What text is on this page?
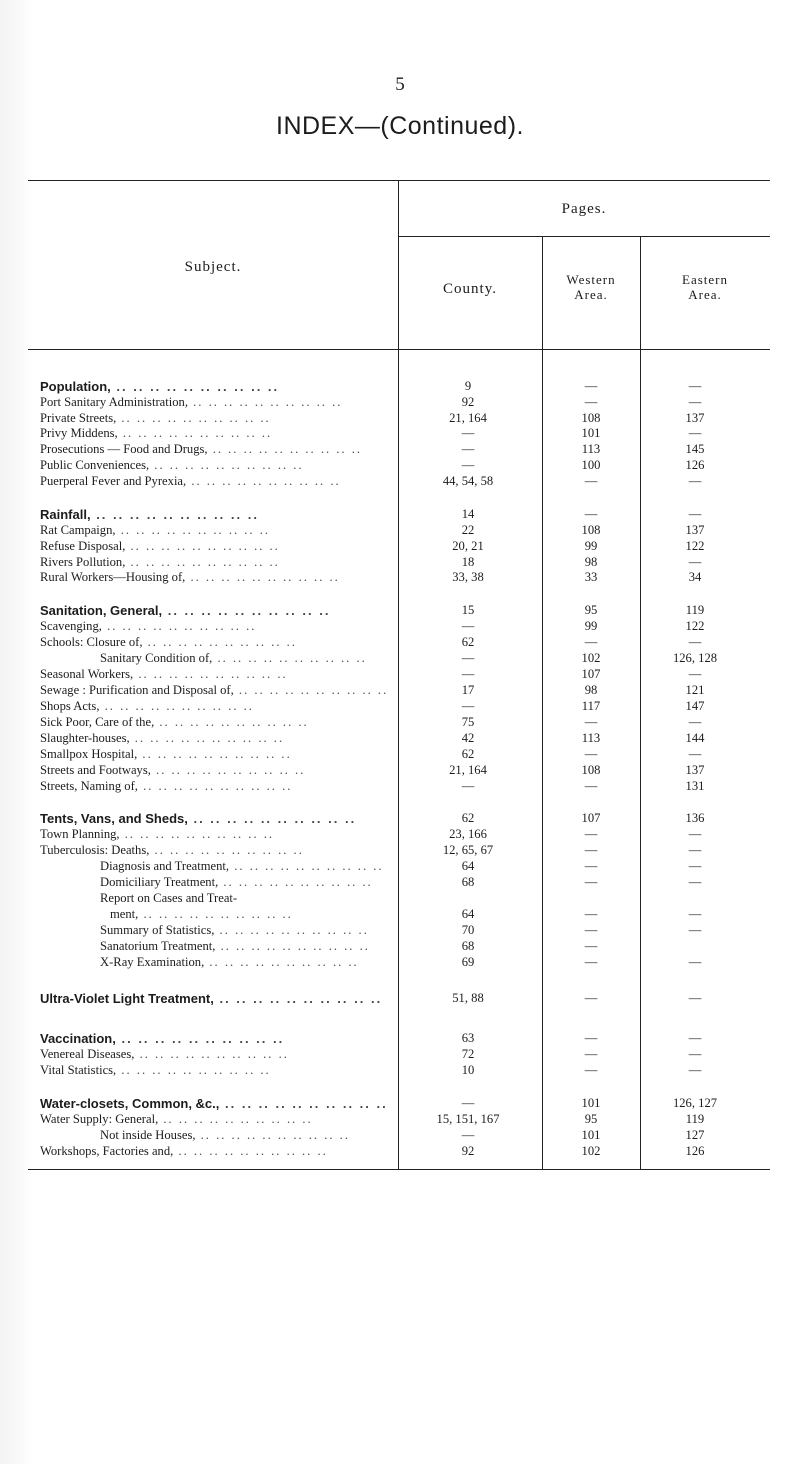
5
INDEX—(Continued).
Subject.
Pages.
County.
Western
Area.
Eastern
Area.
Population, .. .. .. .. .. .. .. .. .. ..	9	—	—
Port Sanitary Administration, .. .. .. .. .. .. .. .. .. ..	92	—	—
Private Streets, .. .. .. .. .. .. .. .. .. ..	21, 164	108	137
Privy Middens, .. .. .. .. .. .. .. .. .. ..	—	101	—
Prosecutions — Food and Drugs, .. .. .. .. .. .. .. .. .. ..	—	113	145
Public Conveniences, .. .. .. .. .. .. .. .. .. ..	—	100	126
Puerperal Fever and Pyrexia, .. .. .. .. .. .. .. .. .. ..	44, 54, 58	—	—
Rainfall, .. .. .. .. .. .. .. .. .. ..	14	—	—
Rat Campaign, .. .. .. .. .. .. .. .. .. ..	22	108	137
Refuse Disposal, .. .. .. .. .. .. .. .. .. ..	20, 21	99	122
Rivers Pollution, .. .. .. .. .. .. .. .. .. ..	18	98	—
Rural Workers—Housing of, .. .. .. .. .. .. .. .. .. ..	33, 38	33	34
Sanitation, General, .. .. .. .. .. .. .. .. .. ..	15	95	119
Scavenging, .. .. .. .. .. .. .. .. .. ..	—	99	122
Schools: Closure of, .. .. .. .. .. .. .. .. .. ..	62	—	—
Sanitary Condition of, .. .. .. .. .. .. .. .. .. ..	—	102	126, 128
Seasonal Workers, .. .. .. .. .. .. .. .. .. ..	—	107	—
Sewage : Purification and Disposal of, .. .. .. .. .. .. .. .. .. ..	17	98	121
Shops Acts, .. .. .. .. .. .. .. .. .. ..	—	117	147
Sick Poor, Care of the, .. .. .. .. .. .. .. .. .. ..	75	—	—
Slaughter-houses, .. .. .. .. .. .. .. .. .. ..	42	113	144
Smallpox Hospital, .. .. .. .. .. .. .. .. .. ..	62	—	—
Streets and Footways, .. .. .. .. .. .. .. .. .. ..	21, 164	108	137
Streets, Naming of, .. .. .. .. .. .. .. .. .. ..	—	—	131
Tents, Vans, and Sheds, .. .. .. .. .. .. .. .. .. ..	62	107	136
Town Planning, .. .. .. .. .. .. .. .. .. ..	23, 166	—	—
Tuberculosis: Deaths, .. .. .. .. .. .. .. .. .. ..	12, 65, 67	—	—
Diagnosis and Treatment, .. .. .. .. .. .. .. .. .. ..	64	—	—
Domiciliary Treatment, .. .. .. .. .. .. .. .. .. ..	68	—	—
Report on Cases and Treat-
ment, .. .. .. .. .. .. .. .. .. ..	64	—	—
Summary of Statistics, .. .. .. .. .. .. .. .. .. ..	70	—	—
Sanatorium Treatment, .. .. .. .. .. .. .. .. .. ..	68	—
X-Ray Examination, .. .. .. .. .. .. .. .. .. ..	69	—	—
Ultra-Violet Light Treatment, .. .. .. .. .. .. .. .. .. ..	51, 88	—	—
Vaccination, .. .. .. .. .. .. .. .. .. ..	63	—	—
Venereal Diseases, .. .. .. .. .. .. .. .. .. ..	72	—	—
Vital Statistics, .. .. .. .. .. .. .. .. .. ..	10	—	—
Water-closets, Common, &c., .. .. .. .. .. .. .. .. .. ..	—	101	126, 127
Water Supply: General, .. .. .. .. .. .. .. .. .. ..	15, 151, 167	95	119
Not inside Houses, .. .. .. .. .. .. .. .. .. ..	—	101	127
Workshops, Factories and, .. .. .. .. .. .. .. .. .. ..	92	102	126
